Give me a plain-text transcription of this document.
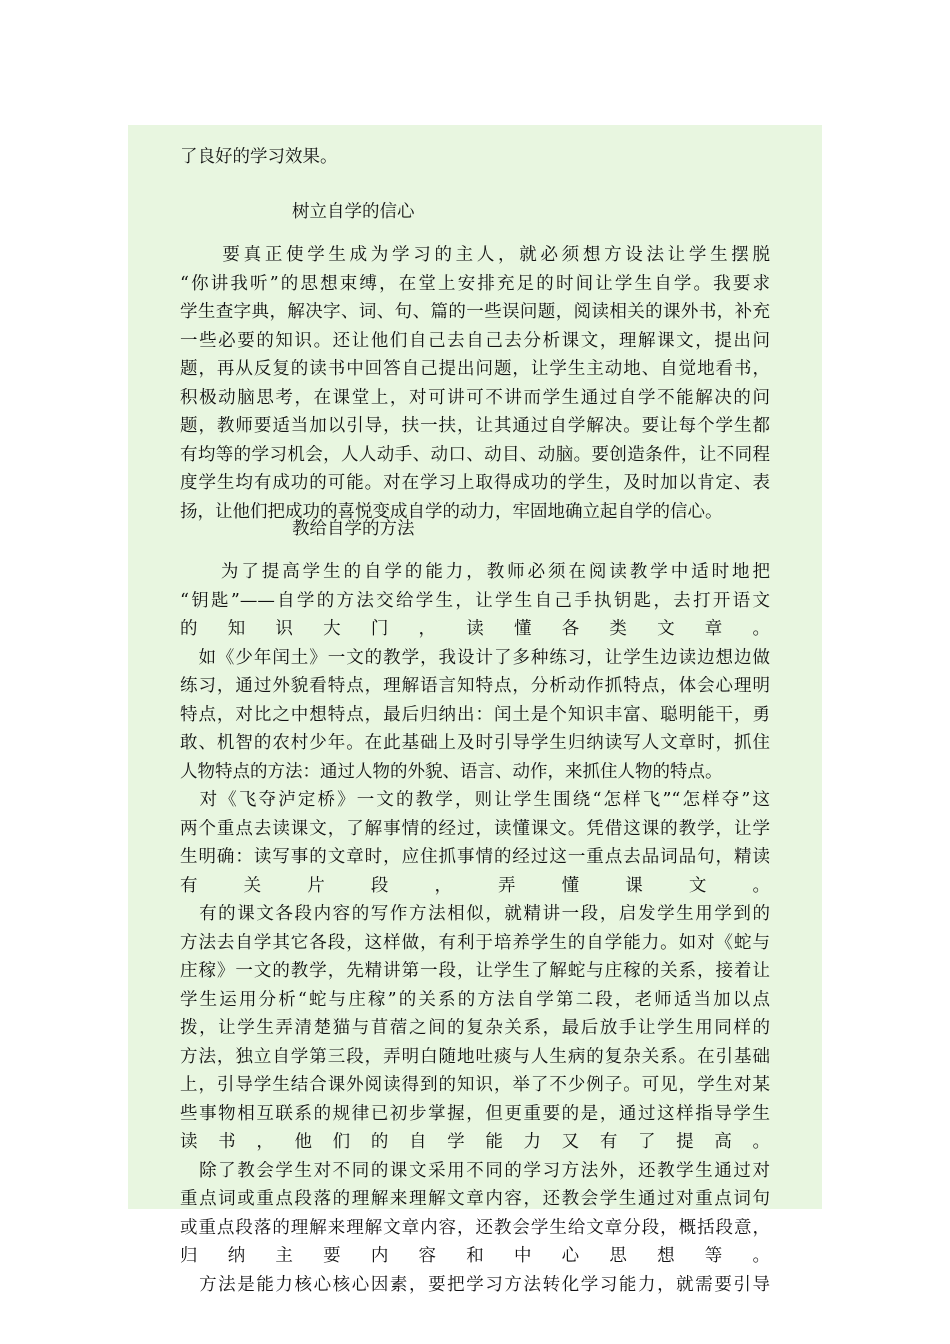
了良好的学习效果。
树立自学的信心
　　要真正使学生成为学习的主人，就必须想方设法让学生摆脱
“你讲我听”的思想束缚，在堂上安排充足的时间让学生自学。我要求
学生查字典，解决字、词、句、篇的一些误问题，阅读相关的课外书，补充
一些必要的知识。还让他们自己去自己去分析课文，理解课文，提出问
题，再从反复的读书中回答自己提出问题，让学生主动地、自觉地看书，
积极动脑思考，在课堂上，对可讲可不讲而学生通过自学不能解决的问
题，教师要适当加以引导，扶一扶，让其通过自学解决。要让每个学生都
有均等的学习机会，人人动手、动口、动目、动脑。要创造条件，让不同程
度学生均有成功的可能。对在学习上取得成功的学生，及时加以肯定、表
扬，让他们把成功的喜悦变成自学的动力，牢固地确立起自学的信心。
教给自学的方法
　　为了提高学生的自学的能力，教师必须在阅读教学中适时地把
“钥匙”——自学的方法交给学生，让学生自己手执钥匙，去打开语文
的知识大门，读懂各类文章。
　如《少年闰土》一文的教学，我设计了多种练习，让学生边读边想边做
练习，通过外貌看特点，理解语言知特点，分析动作抓特点，体会心理明
特点，对比之中想特点，最后归纳出：闰土是个知识丰富、聪明能干，勇
敢、机智的农村少年。在此基础上及时引导学生归纳读写人文章时，抓住
人物特点的方法：通过人物的外貌、语言、动作，来抓住人物的特点。
　对《飞夺泸定桥》一文的教学，则让学生围绕“怎样飞”“怎样夺”这
两个重点去读课文，了解事情的经过，读懂课文。凭借这课的教学，让学
生明确：读写事的文章时，应住抓事情的经过这一重点去品词品句，精读
有关片段，弄懂课文。
　有的课文各段内容的写作方法相似，就精讲一段，启发学生用学到的
方法去自学其它各段，这样做，有利于培养学生的自学能力。如对《蛇与
庄稼》一文的教学，先精讲第一段，让学生了解蛇与庄稼的关系，接着让
学生运用分析“蛇与庄稼”的关系的方法自学第二段，老师适当加以点
拨，让学生弄清楚猫与苜蓿之间的复杂关系，最后放手让学生用同样的
方法，独立自学第三段，弄明白随地吐痰与人生病的复杂关系。在引基础
上，引导学生结合课外阅读得到的知识，举了不少例子。可见，学生对某
些事物相互联系的规律已初步掌握，但更重要的是，通过这样指导学生
读书，他们的自学能力又有了提高。
　除了教会学生对不同的课文采用不同的学习方法外，还教学生通过对
重点词或重点段落的理解来理解文章内容，还教会学生通过对重点词句
或重点段落的理解来理解文章内容，还教会学生给文章分段，概括段意，
归纳主要内容和中心思想等。
　方法是能力核心核心因素，要把学习方法转化学习能力，就需要引导
